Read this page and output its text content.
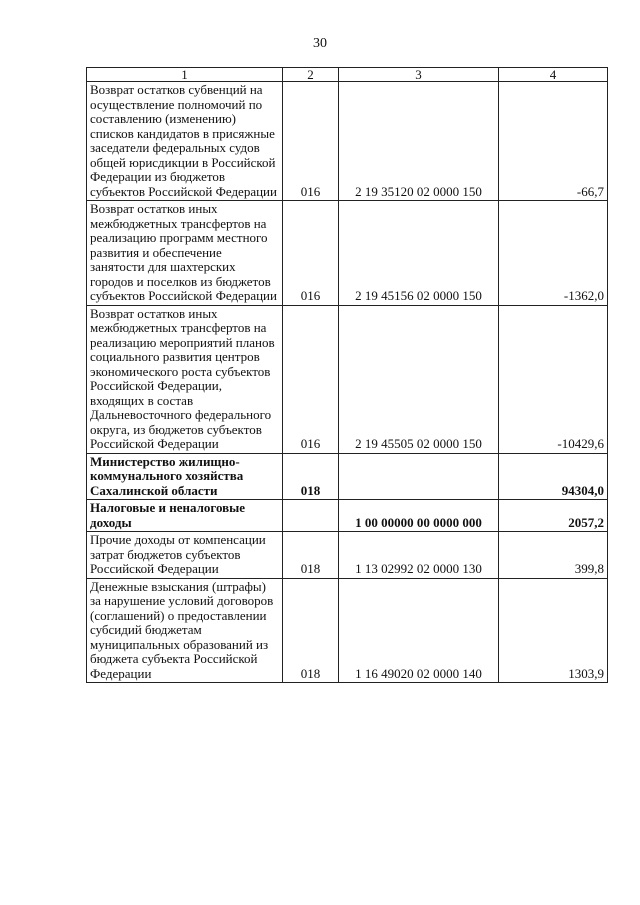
30
1	2	3	4
Возврат остатков субвенций на осуществление полномочий по составлению (изменению) списков кандидатов в присяжные заседатели федеральных судов общей юрисдикции в Российской Федерации из бюджетов субъектов Российской Федерации	016	2 19 35120 02 0000 150	-66,7
Возврат остатков иных межбюджетных трансфертов на реализацию программ местного развития и обеспечение занятости для шахтерских городов и поселков из бюджетов субъектов Российской Федерации	016	2 19 45156 02 0000 150	-1362,0
Возврат остатков иных межбюджетных трансфертов на реализацию мероприятий планов социального развития центров экономического роста субъектов Российской Федерации, входящих в состав Дальневосточного федерального округа, из бюджетов субъектов Российской Федерации	016	2 19 45505 02 0000 150	-10429,6
Министерство жилищно-коммунального хозяйства Сахалинской области	018		94304,0
Налоговые и неналоговые доходы		1 00 00000 00 0000 000	2057,2
Прочие доходы от компенсации затрат бюджетов субъектов Российской Федерации	018	1 13 02992 02 0000 130	399,8
Денежные взыскания (штрафы) за нарушение условий договоров (соглашений) о предоставлении субсидий бюджетам муниципальных образований из бюджета субъекта Российской Федерации	018	1 16 49020 02 0000 140	1303,9
